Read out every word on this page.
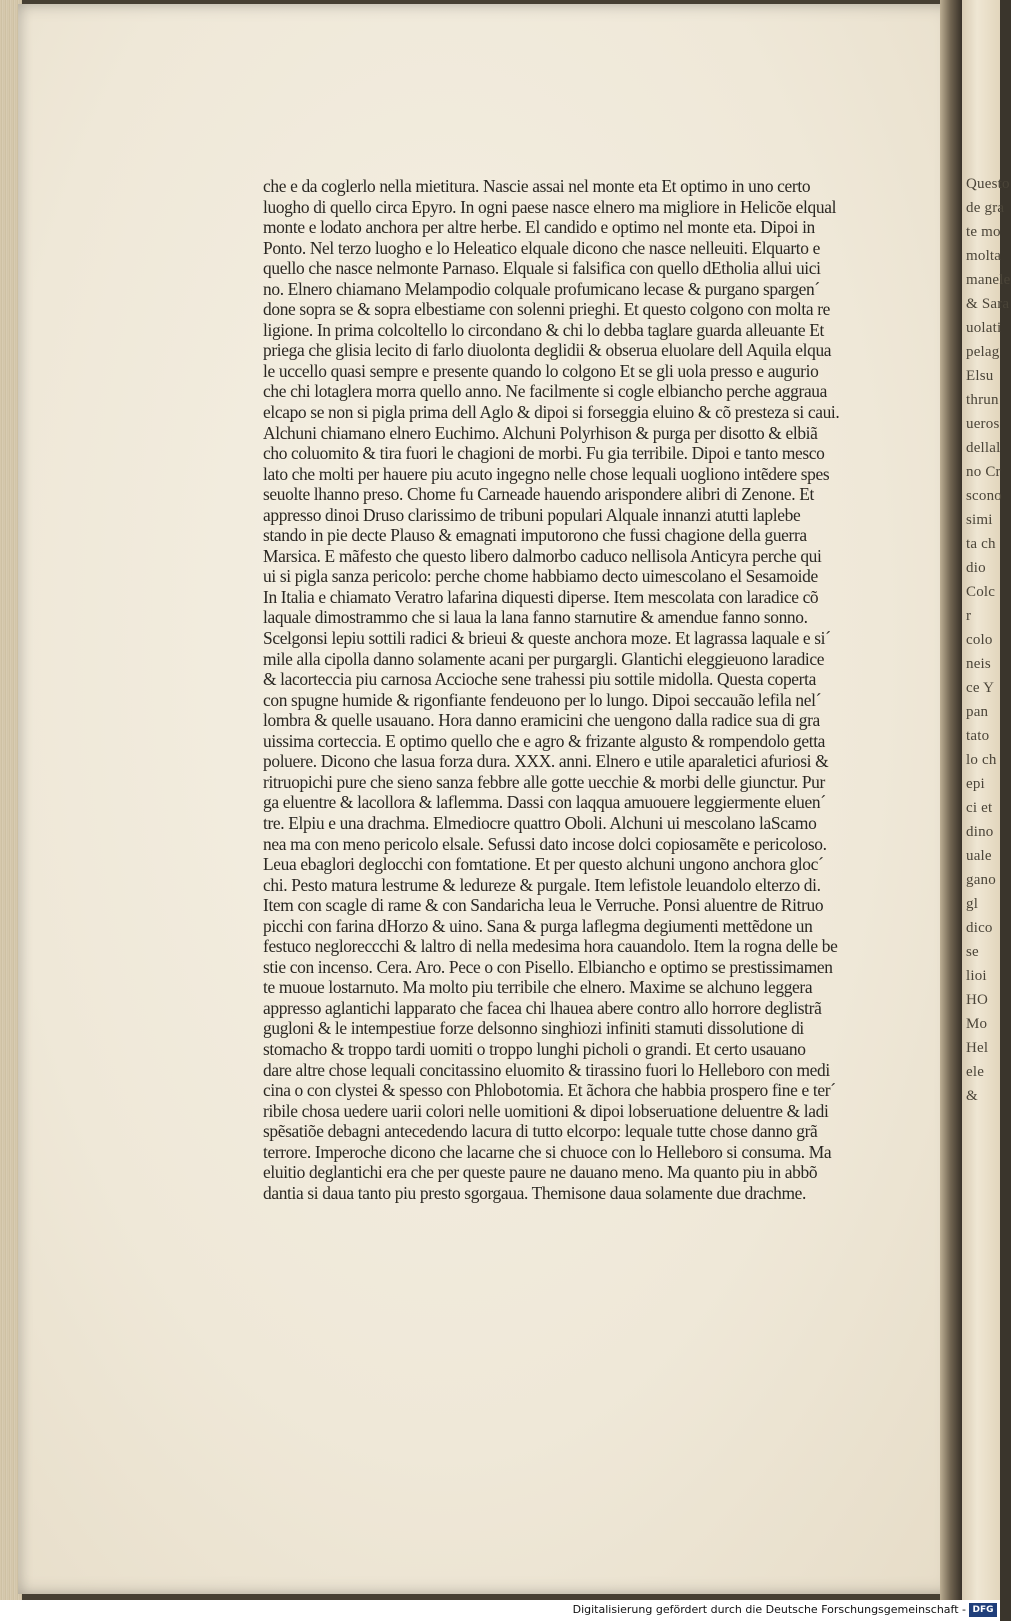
che e da coglerlo nella mietitura. Nascie assai nel monte eta Et optimo in uno certo
luogho di quello circa Epyro. In ogni paese nasce elnero ma migliore in Helicõe elqual
monte e lodato anchora per altre herbe. El candido e optimo nel monte eta. Dipoi in
Ponto. Nel terzo luogho e lo Heleatico elquale dicono che nasce nelleuiti. Elquarto e
quello che nasce nelmonte Parnaso. Elquale si falsifica con quello dEtholia allui uici
no. Elnero chiamano Melampodio colquale profumicano lecase & purgano spargen´
done sopra se & sopra elbestiame con solenni prieghi. Et questo colgono con molta re
ligione. In prima colcoltello lo circondano & chi lo debba taglare guarda alleuante Et
priega che glisia lecito di farlo diuolonta deglidii & obserua eluolare dell Aquila elqua
le uccello quasi sempre e presente quando lo colgono Et se gli uola presso e augurio
che chi lotaglera morra quello anno. Ne facilmente si cogle elbiancho perche aggraua
elcapo se non si pigla prima dell Aglo & dipoi si forseggia eluino & cõ presteza si caui.
Alchuni chiamano elnero Euchimo. Alchuni Polyrhison & purga per disotto & elbiã
cho coluomito & tira fuori le chagioni de morbi. Fu gia terribile. Dipoi e tanto mesco
lato che molti per hauere piu acuto ingegno nelle chose lequali uogliono intẽdere spes
seuolte lhanno preso. Chome fu Carneade hauendo arispondere alibri di Zenone. Et
appresso dinoi Druso clarissimo de tribuni populari Alquale innanzi atutti laplebe
stando in pie decte Plauso & emagnati imputorono che fussi chagione della guerra
Marsica. E mãfesto che questo libero dalmorbo caduco nellisola Anticyra perche qui
ui si pigla sanza pericolo: perche chome habbiamo decto uimescolano el Sesamoide
In Italia e chiamato Veratro lafarina diquesti diperse. Item mescolata con laradice cõ
laquale dimostrammo che si laua la lana fanno starnutire & amendue fanno sonno.
Scelgonsi lepiu sottili radici & brieui & queste anchora moze. Et lagrassa laquale e si´
mile alla cipolla danno solamente acani per purgargli. Glantichi eleggieuono laradice
& lacorteccia piu carnosa Accioche sene trahessi piu sottile midolla. Questa coperta
con spugne humide & rigonfiante fendeuono per lo lungo. Dipoi seccauão lefila nel´
lombra & quelle usauano. Hora danno eramicini che uengono dalla radice sua di gra
uissima corteccia. E optimo quello che e agro & frizante algusto & rompendolo getta
poluere. Dicono che lasua forza dura. XXX. anni. Elnero e utile aparaletici afuriosi &
ritruopichi pure che sieno sanza febbre alle gotte uecchie & morbi delle giunctur. Pur
ga eluentre & lacollora & laflemma. Dassi con laqqua amuouere leggiermente eluen´
tre. Elpiu e una drachma. Elmediocre quattro Oboli. Alchuni ui mescolano laScamo
nea ma con meno pericolo elsale. Sefussi dato incose dolci copiosamẽte e pericoloso.
Leua ebaglori deglocchi con fomtatione. Et per questo alchuni ungono anchora gloc´
chi. Pesto matura lestrume & ledureze & purgale. Item lefistole leuandolo elterzo di.
Item con scagle di rame & con Sandaricha leua le Verruche. Ponsi aluentre de Ritruo
picchi con farina dHorzo & uino. Sana & purga laflegma degiumenti mettẽdone un
festuco negloreccchi & laltro di nella medesima hora cauandolo. Item la rogna delle be
stie con incenso. Cera. Aro. Pece o con Pisello. Elbiancho e optimo se prestissimamen
te muoue lostarnuto. Ma molto piu terribile che elnero. Maxime se alchuno leggera
appresso aglantichi lapparato che facea chi lhauea abere contro allo horrore deglistrã
gugloni & le intempestiue forze delsonno singhiozi infiniti stamuti dissolutione di
stomacho & troppo tardi uomiti o troppo lunghi picholi o grandi. Et certo usauano
dare altre chose lequali concitassino eluomito & tirassino fuori lo Helleboro con medi
cina o con clystei & spesso con Phlobotomia. Et ãchora che habbia prospero fine e ter´
ribile chosa uedere uarii colori nelle uomitioni & dipoi lobseruatione deluentre & ladi
spẽsatiõe debagni antecedendo lacura di tutto elcorpo: lequale tutte chose danno grã
terrore. Imperoche dicono che lacarne che si chuoce con lo Helleboro si consuma. Ma
eluitio deglantichi era che per queste paure ne dauano meno. Ma quanto piu in abbõ
dantia si daua tanto piu presto sgorgaua. Themisone daua solamente due drachme.
Questo
de gra
te mo
molta
manele
& Sara
uolati
pelag
Elsu
thrun
ueros
dellal
no Cr
scono
simi
ta ch
dio
Colc
r
colo
neis
ce Y
pan
tato
lo ch
epi
ci et
dino
uale
gano
gl
dico
se
lioi
HO
Mo
Hel
ele
&
Digitalisierung gefördert durch die Deutsche Forschungsgemeinschaft - DFG
